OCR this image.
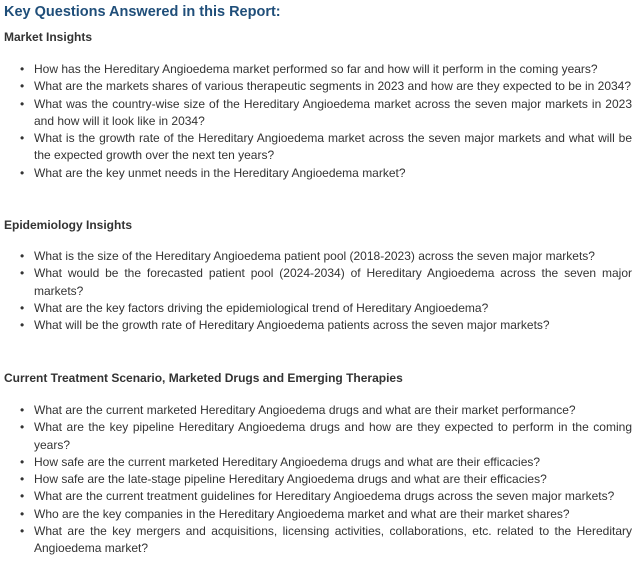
Key Questions Answered in this Report:
Market Insights
• How has the Hereditary Angioedema market performed so far and how will it perform in the coming years?
• What are the markets shares of various therapeutic segments in 2023 and how are they expected to be in 2034?
• What was the country-wise size of the Hereditary Angioedema market across the seven major markets in 2023 and how will it look like in 2034?
• What is the growth rate of the Hereditary Angioedema market across the seven major markets and what will be the expected growth over the next ten years?
• What are the key unmet needs in the Hereditary Angioedema market?
Epidemiology Insights
• What is the size of the Hereditary Angioedema patient pool (2018-2023) across the seven major markets?
• What would be the forecasted patient pool (2024-2034) of Hereditary Angioedema across the seven major markets?
• What are the key factors driving the epidemiological trend of Hereditary Angioedema?
• What will be the growth rate of Hereditary Angioedema patients across the seven major markets?
Current Treatment Scenario, Marketed Drugs and Emerging Therapies
• What are the current marketed Hereditary Angioedema drugs and what are their market performance?
• What are the key pipeline Hereditary Angioedema drugs and how are they expected to perform in the coming years?
• How safe are the current marketed Hereditary Angioedema drugs and what are their efficacies?
• How safe are the late-stage pipeline Hereditary Angioedema drugs and what are their efficacies?
• What are the current treatment guidelines for Hereditary Angioedema drugs across the seven major markets?
• Who are the key companies in the Hereditary Angioedema market and what are their market shares?
• What are the key mergers and acquisitions, licensing activities, collaborations, etc. related to the Hereditary Angioedema market?
